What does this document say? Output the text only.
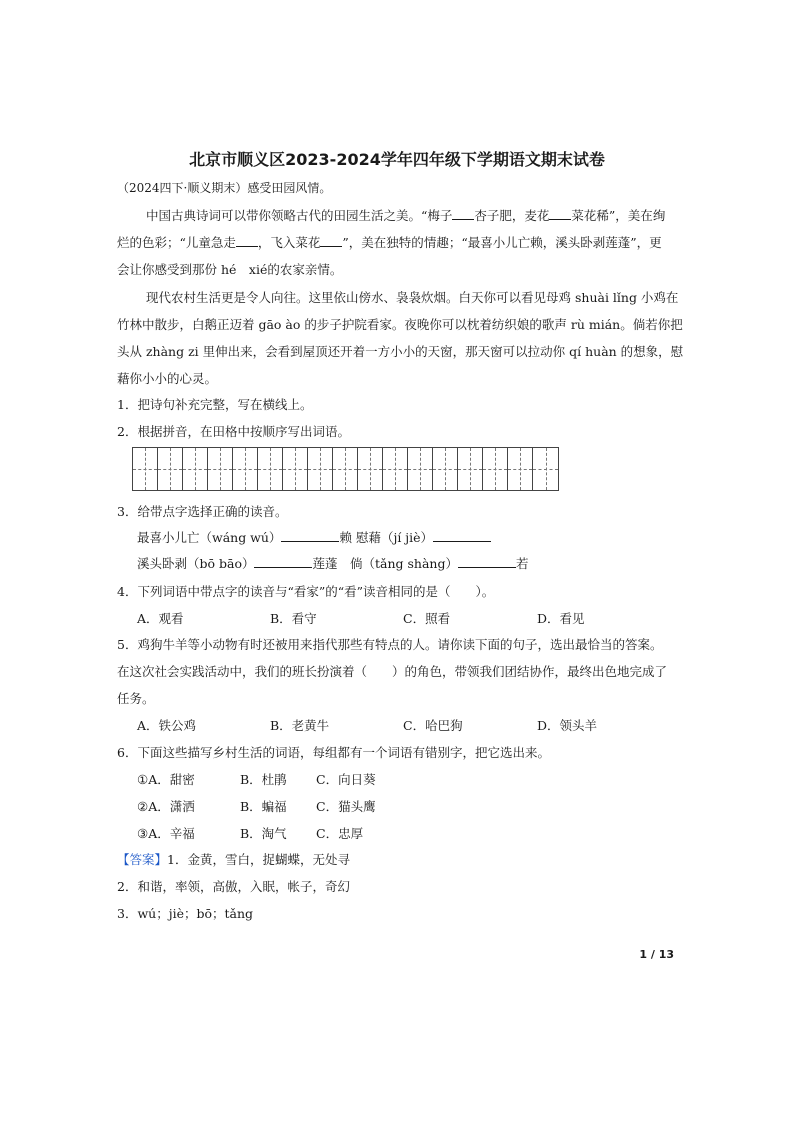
北京市顺义区2023-2024学年四年级下学期语文期末试卷
（2024四下·顺义期末）感受田园风情。
中国古典诗词可以带你领略古代的田园生活之美。“梅子 杏子肥，麦花 菜花稀”，美在绚
烂的色彩；“儿童急走 ，飞入菜花 ”，美在独特的情趣；“最喜小儿亡赖，溪头卧剥莲蓬”，更
会让你感受到那份 hé　xié的农家亲情。
现代农村生活更是令人向往。这里依山傍水、袅袅炊烟。白天你可以看见母鸡 shuài lǐng 小鸡在
竹林中散步，白鹅正迈着 gāo ào 的步子护院看家。夜晚你可以枕着纺织娘的歌声 rù mián。倘若你把
头从 zhàng zi 里伸出来，会看到屋顶还开着一方小小的天窗，那天窗可以拉动你 qí huàn 的想象，慰
藉你小小的心灵。
1．把诗句补充完整，写在横线上。
2．根据拼音，在田格中按顺序写出词语。
3．给带点字选择正确的读音。
最喜小儿亡（wáng wú）	赖 慰藉（jí jiè）
溪头卧剥（bō bāo）	莲蓬　 倘（tǎng shàng）	若
4．下列词语中带点字的读音与“看家”的“看”读音相同的是（　　）。
A．观看	B．看守	C．照看	D．看见
5．鸡狗牛羊等小动物有时还被用来指代那些有特点的人。请你读下面的句子，选出最恰当的答案。
在这次社会实践活动中，我们的班长扮演着（　　）的角色，带领我们团结协作，最终出色地完成了
任务。
A．铁公鸡	B．老黄牛	C．哈巴狗	D．领头羊
6．下面这些描写乡村生活的词语，每组都有一个词语有错别字，把它选出来。
①A．甜密	B．杜鹃 C．向日葵
②A．潇洒	B．蝙福 C．猫头鹰
③A．辛福	B．淘气 C．忠厚
【答案】1．金黄，雪白，捉蝴蝶，无处寻
2．和谐，率领，高傲，入眠，帐子，奇幻
3．wú；jiè；bō；tǎng
1 / 13
